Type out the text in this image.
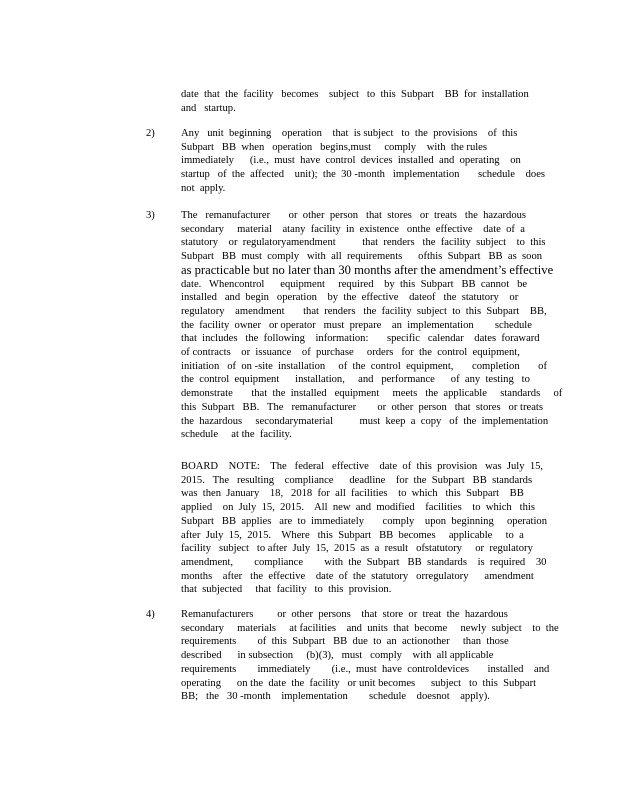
date  that  the  facility   becomes    subject   to  this  Subpart    BB  for  installation
and   startup.
2)	Any   unit  beginning    operation    that  is subject   to  the  provisions    of  this
Subpart   BB  when   operation   begins,must     comply    with  the rules
immediately      (i.e.,  must  have  control  devices  installed  and  operating    on
startup   of  the  affected    unit);  the  30 -month   implementation       schedule    does
not  apply.
3)	The   remanufacturer       or  other  person   that  stores   or  treats   the  hazardous
secondary     material    atany  facility  in  existence   onthe  effective    date  of  a
statutory    or  regulatoryamendment          that  renders   the  facility  subject    to  this
Subpart   BB  must  comply   with  all  requirements      ofthis  Subpart   BB  as  soon
as practicable but no later than 30 months after the amendment’s effective
date.   Whencontrol      equipment     required    by  this  Subpart   BB  cannot   be
installed   and  begin   operation    by  the  effective    dateof   the  statutory    or
regulatory    amendment       that  renders   the  facility  subject  to  this  Subpart    BB,
the  facility  owner   or operator   must  prepare    an  implementation        schedule
that  includes   the  following    information:       specific   calendar    dates  foraward
of contracts    or  issuance    of  purchase     orders   for  the  control  equipment,
initiation   of  on -site  installation     of  the  control  equipment,       completion       of
the  control  equipment      installation,     and   performance      of  any  testing   to
demonstrate       that  the  installed   equipment     meets   the  applicable     standards     of
this  Subpart   BB.   The   remanufacturer        or  other  person   that  stores   or treats
the  hazardous     secondarymaterial          must  keep  a  copy   of  the  implementation
schedule     at the  facility.
BOARD    NOTE:    The   federal   effective    date  of  this  provision   was  July  15,
2015.   The   resulting    compliance      deadline    for  the  Subpart   BB  standards
was  then  January    18,   2018  for  all  facilities    to  which   this  Subpart    BB
applied    on  July  15,  2015.    All  new  and  modified    facilities    to  which   this
Subpart   BB  applies   are  to  immediately       comply    upon  beginning     operation
after  July  15,  2015.    Where   this  Subpart   BB  becomes     applicable     to  a
facility   subject   to after  July  15,  2015  as  a  result   ofstatutory     or  regulatory
amendment,        compliance        with  the  Subpart   BB  standards    is  required    30
months    after   the  effective    date  of  the  statutory   orregulatory      amendment
that  subjected     that  facility   to  this  provision.
4)	Remanufacturers         or  other  persons    that  store  or  treat  the  hazardous
secondary     materials     at facilities    and  units  that  become     newly  subject    to  the
requirements        of  this  Subpart   BB  due  to  an  actionother     than  those
described      in subsection     (b)(3),   must   comply    with  all applicable
requirements        immediately        (i.e.,  must  have  controldevices       installed    and
operating      on the  date  the  facility   or unit becomes      subject   to  this  Subpart
BB;   the   30 -month    implementation        schedule    doesnot    apply).
